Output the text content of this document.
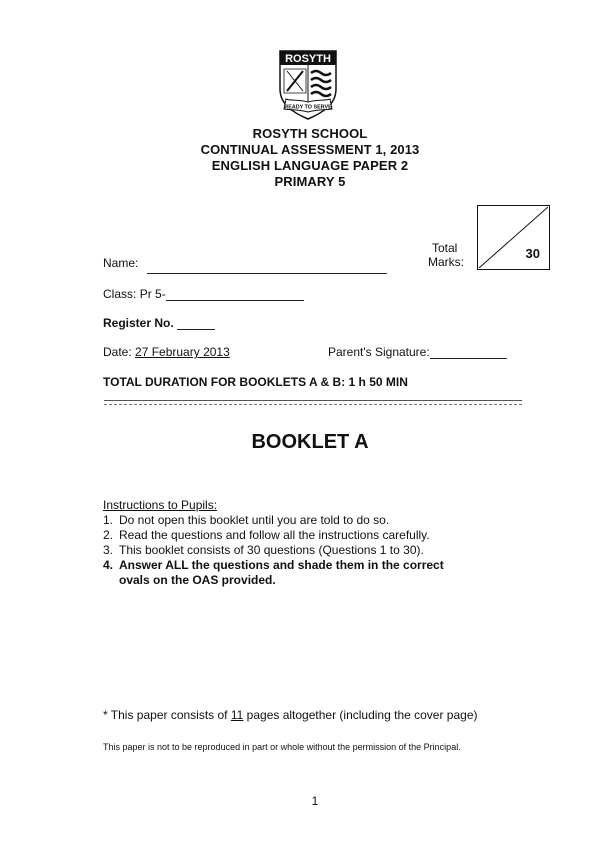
ROSYTH
READY TO SERVE
ROSYTH SCHOOL
CONTINUAL ASSESSMENT 1, 2013
ENGLISH LANGUAGE PAPER 2
PRIMARY 5
Total
Marks:
30
Name:
Class: Pr 5-
Register No.
Date: 27 February 2013	Parent's Signature:
TOTAL DURATION FOR BOOKLETS A & B: 1 h 50 MIN
BOOKLET A
Instructions to Pupils:
1. Do not open this booklet until you are told to do so.
2. Read the questions and follow all the instructions carefully.
3. This booklet consists of 30 questions (Questions 1 to 30).
4. Answer ALL the questions and shade them in the correct ovals on the OAS provided.
* This paper consists of 11 pages altogether (including the cover page)
This paper is not to be reproduced in part or whole without the permission of the Principal.
1
